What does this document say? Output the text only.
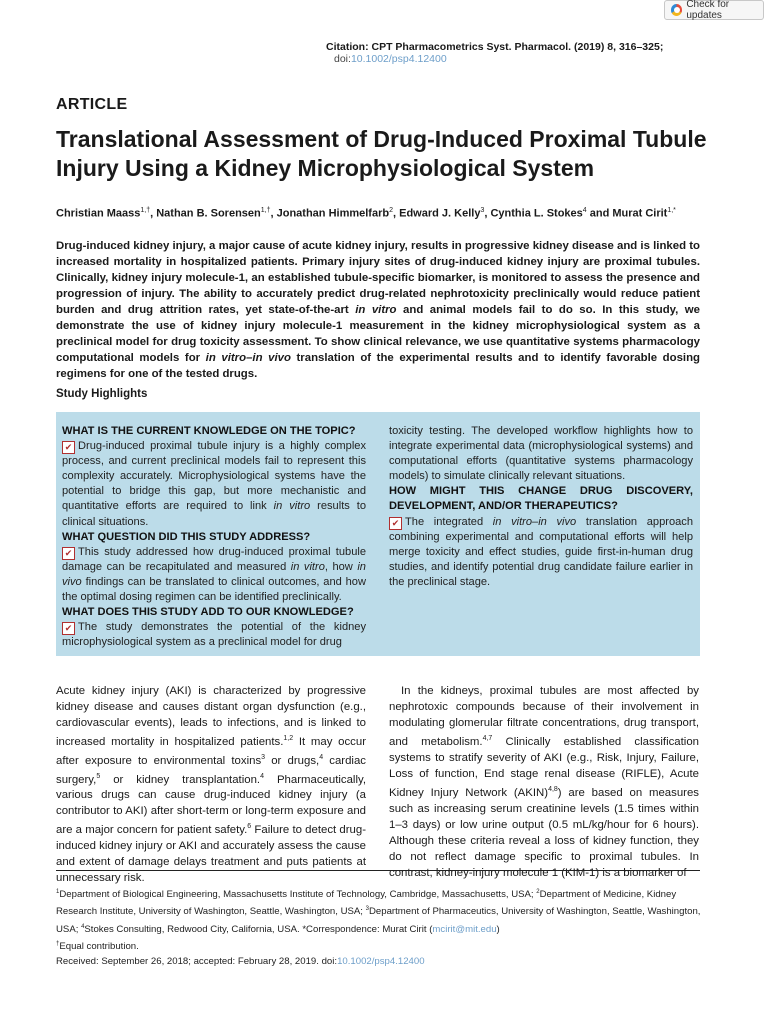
Check for updates
Citation: CPT Pharmacometrics Syst. Pharmacol. (2019) 8, 316–325; doi:10.1002/psp4.12400
ARTICLE
Translational Assessment of Drug-Induced Proximal Tubule Injury Using a Kidney Microphysiological System
Christian Maass$^{1,\dagger}$, Nathan B. Sorensen$^{1,\dagger}$, Jonathan Himmelfarb$^2$, Edward J. Kelly$^3$, Cynthia L. Stokes$^4$ and Murat Cirit$^{1,*}$
Drug-induced kidney injury, a major cause of acute kidney injury, results in progressive kidney disease and is linked to increased mortality in hospitalized patients. Primary injury sites of drug-induced kidney injury are proximal tubules. Clinically, kidney injury molecule-1, an established tubule-specific biomarker, is monitored to assess the presence and progression of injury. The ability to accurately predict drug-related nephrotoxicity preclinically would reduce patient burden and drug attrition rates, yet state-of-the-art in vitro and animal models fail to do so. In this study, we demonstrate the use of kidney injury molecule-1 measurement in the kidney microphysiological system as a preclinical model for drug toxicity assessment. To show clinical relevance, we use quantitative systems pharmacology computational models for in vitro–in vivo translation of the experimental results and to identify favorable dosing regimens for one of the tested drugs.
Study Highlights

WHAT IS THE CURRENT KNOWLEDGE ON THE TOPIC?

✔ Drug-induced proximal tubule injury is a highly complex process, and current preclinical models fail to represent this complexity accurately. Microphysiological systems have the potential to bridge this gap, but more mechanistic and quantitative efforts are required to link in vitro results to clinical situations.

WHAT QUESTION DID THIS STUDY ADDRESS?

✔ This study addressed how drug-induced proximal tubule damage can be recapitulated and measured in vitro, how in vivo findings can be translated to clinical outcomes, and how the optimal dosing regimen can be identified preclinically.

WHAT DOES THIS STUDY ADD TO OUR KNOWLEDGE?

✔ The study demonstrates the potential of the kidney microphysiological system as a preclinical model for drug

toxicity testing. The developed workflow highlights how to integrate experimental data (microphysiological systems) and computational efforts (quantitative systems pharmacology models) to simulate clinically relevant situations.

HOW MIGHT THIS CHANGE DRUG DISCOVERY, DEVELOPMENT, AND/OR THERAPEUTICS?

✔ The integrated in vitro–in vivo translation approach combining experimental and computational efforts will help merge toxicity and effect studies, guide first-in-human drug studies, and identify potential drug candidate failure earlier in the preclinical stage.

Acute kidney injury (AKI) is characterized by progressive kidney disease and causes distant organ dysfunction (e.g., cardiovascular events), leads to infections, and is linked to increased mortality in hospitalized patients.$^{1,2}$ It may occur after exposure to environmental toxins$^3$ or drugs,$^4$ cardiac surgery,$^5$ or kidney transplantation.$^4$ Pharmaceutically, various drugs can cause drug-induced kidney injury (a contributor to AKI) after short-term or long-term exposure and are a major concern for patient safety.$^6$ Failure to detect drug-induced kidney injury or AKI and accurately assess the cause and extent of damage delays treatment and puts patients at unnecessary risk.
In the kidneys, proximal tubules are most affected by nephrotoxic compounds because of their involvement in modulating glomerular filtrate concentrations, drug transport, and metabolism.$^{4,7}$ Clinically established classification systems to stratify severity of AKI (e.g., Risk, Injury, Failure, Loss of function, End stage renal disease (RIFLE), Acute Kidney Injury Network (AKIN)$^{4,8}$) are based on measures such as increasing serum creatinine levels (1.5 times within 1–3 days) or low urine output (0.5 mL/kg/hour for 6 hours). Although these criteria reveal a loss of kidney function, they do not reflect damage specific to proximal tubules. In contrast, kidney-injury molecule 1 (KIM-1) is a biomarker of

$^1$Department of Biological Engineering, Massachusetts Institute of Technology, Cambridge, Massachusetts, USA; $^2$Department of Medicine, Kidney Research Institute, University of Washington, Seattle, Washington, USA; $^3$Department of Pharmaceutics, University of Washington, Seattle, Washington, USA; $^4$Stokes Consulting, Redwood City, California, USA. *Correspondence: Murat Cirit (mcirit@mit.edu)

†Equal contribution.

Received: September 26, 2018; accepted: February 28, 2019. doi:10.1002/psp4.12400
